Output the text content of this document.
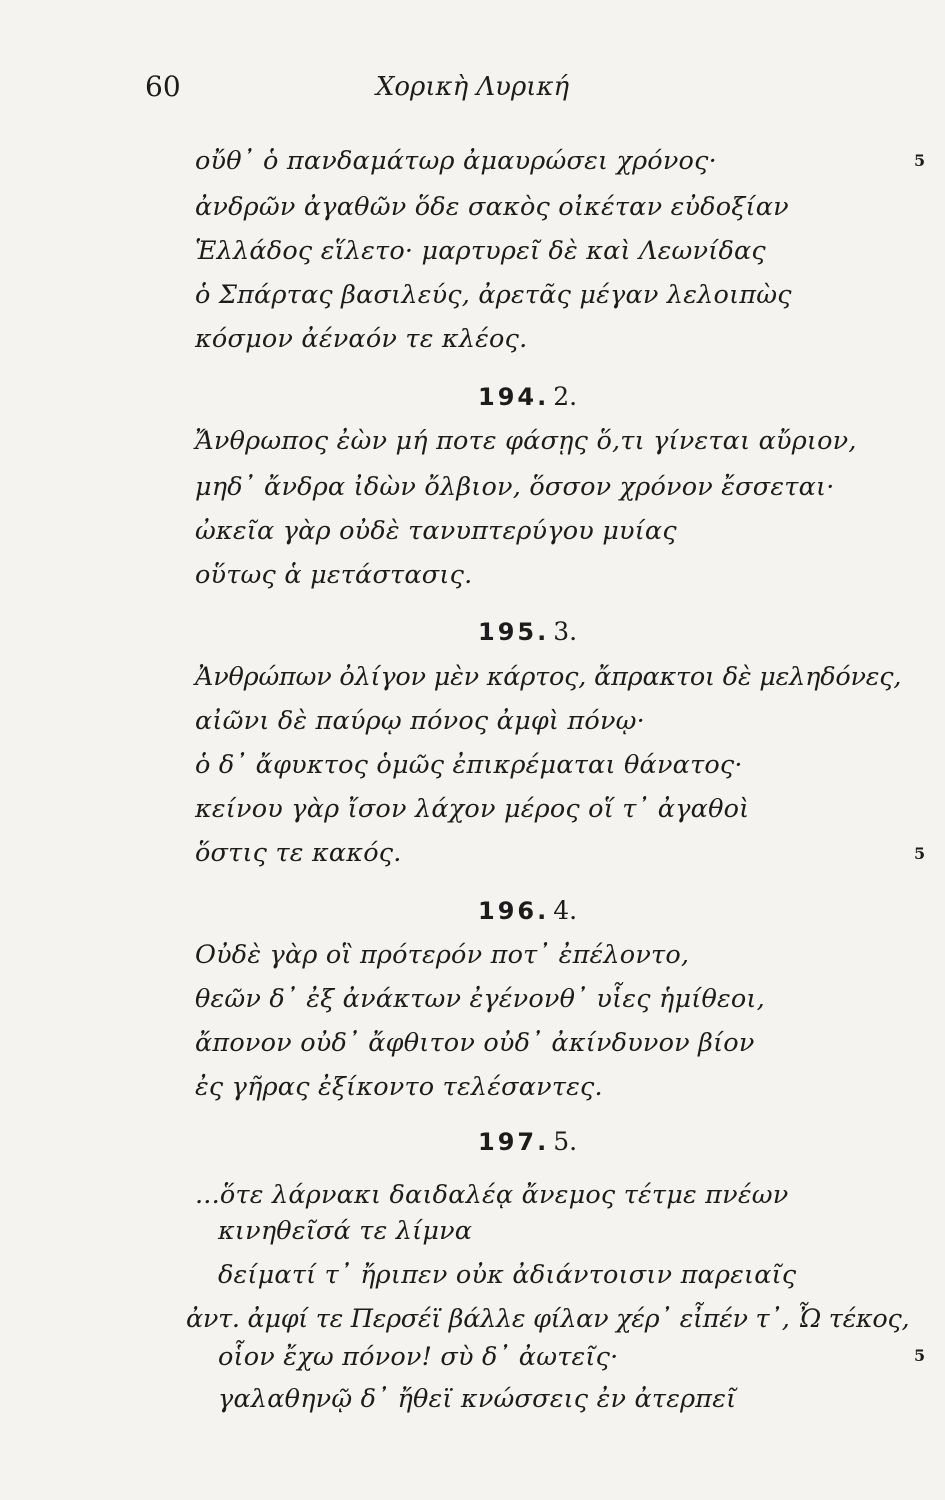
60	Χορικὴ Λυρική
οὔθ᾽ ὁ πανδαμάτωρ ἀμαυρώσει χρόνος·	5
ἀνδρῶν ἀγαθῶν ὅδε σακὸς οἰκέταν εὐδοξίαν
Ἑλλάδος εἵλετο· μαρτυρεῖ δὲ καὶ Λεωνίδας
ὁ Σπάρτας βασιλεύς, ἀρετᾶς μέγαν λελοιπὼς
κόσμον ἀέναόν τε κλέος.
194. 2.
Ἄνθρωπος ἐὼν μή ποτε φάσῃς ὅ,τι γίνεται αὔριον,
μηδ᾽ ἄνδρα ἰδὼν ὄλβιον, ὅσσον χρόνον ἔσσεται·
ὠκεῖα γὰρ οὐδὲ τανυπτερύγου μυίας
οὕτως ἁ μετάστασις.
195. 3.
Ἀνθρώπων ὀλίγον μὲν κάρτος, ἄπρακτοι δὲ μεληδόνες,
αἰῶνι δὲ παύρῳ πόνος ἀμφὶ πόνῳ·
ὁ δ᾽ ἄφυκτος ὁμῶς ἐπικρέμαται θάνατος·
κείνου γὰρ ἴσον λάχον μέρος οἵ τ᾽ ἀγαθοὶ
ὅστις τε κακός.	5
196. 4.
Οὐδὲ γὰρ οἳ πρότερόν ποτ᾽ ἐπέλοντο,
θεῶν δ᾽ ἐξ ἀνάκτων ἐγένονθ᾽ υἷες ἡμίθεοι,
ἄπονον οὐδ᾽ ἄφθιτον οὐδ᾽ ἀκίνδυνον βίον
ἐς γῆρας ἐξίκοντο τελέσαντες.
197. 5.
...ὅτε λάρνακι δαιδαλέᾳ ἄνεμος τέτμε πνέων
κινηθεῖσά τε λίμνα
δείματί τ᾽ ἤριπεν οὐκ ἀδιάντοισιν παρειαῖς
ἀντ. ἀμφί τε Περσέϊ βάλλε φίλαν χέρ᾽ εἶπέν τ᾽, Ὦ τέκος,
οἷον ἔχω πόνον! σὺ δ᾽ ἀωτεῖς·	5
γαλαθηνῷ δ᾽ ἤθεϊ κνώσσεις ἐν ἀτερπεῖ
